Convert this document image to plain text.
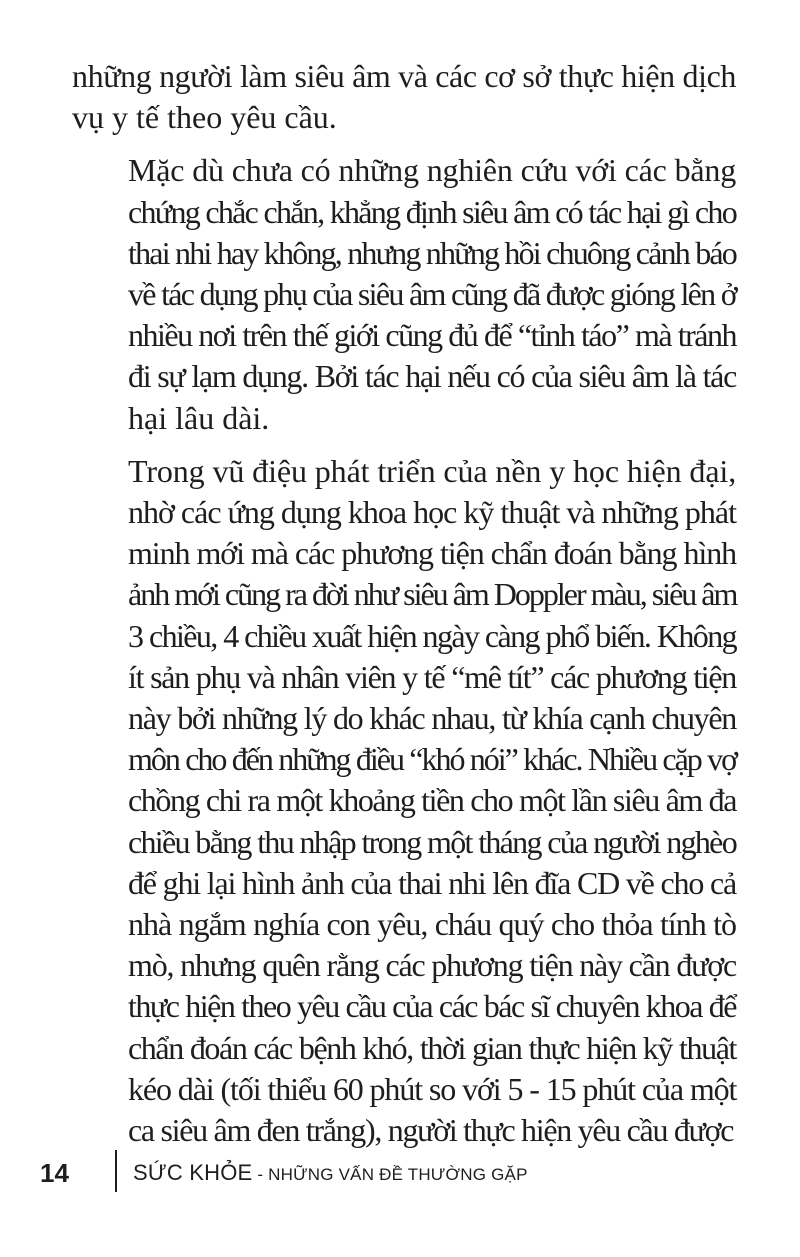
những người làm siêu âm và các cơ sở thực hiện dịch
vụ y tế theo yêu cầu.

Mặc dù chưa có những nghiên cứu với các bằng
chứng chắc chắn, khẳng định siêu âm có tác hại gì cho
thai nhi hay không, nhưng những hồi chuông cảnh báo
về tác dụng phụ của siêu âm cũng đã được gióng lên ở
nhiều nơi trên thế giới cũng đủ để “tỉnh táo” mà tránh
đi sự lạm dụng. Bởi tác hại nếu có của siêu âm là tác
hại lâu dài.

Trong vũ điệu phát triển của nền y học hiện đại,
nhờ các ứng dụng khoa học kỹ thuật và những phát
minh mới mà các phương tiện chẩn đoán bằng hình
ảnh mới cũng ra đời như siêu âm Doppler màu, siêu âm
3 chiều, 4 chiều xuất hiện ngày càng phổ biến. Không
ít sản phụ và nhân viên y tế “mê tít” các phương tiện
này bởi những lý do khác nhau, từ khía cạnh chuyên
môn cho đến những điều “khó nói” khác. Nhiều cặp vợ
chồng chi ra một khoảng tiền cho một lần siêu âm đa
chiều bằng thu nhập trong một tháng của người nghèo
để ghi lại hình ảnh của thai nhi lên đĩa CD về cho cả
nhà ngắm nghía con yêu, cháu quý cho thỏa tính tò
mò, nhưng quên rằng các phương tiện này cần được
thực hiện theo yêu cầu của các bác sĩ chuyên khoa để
chẩn đoán các bệnh khó, thời gian thực hiện kỹ thuật
kéo dài (tối thiểu 60 phút so với 5 - 15 phút của một
ca siêu âm đen trắng), người thực hiện yêu cầu được

14	SỨC KHỎE - NHỮNG VẤN ĐỀ THƯỜNG GẶP
